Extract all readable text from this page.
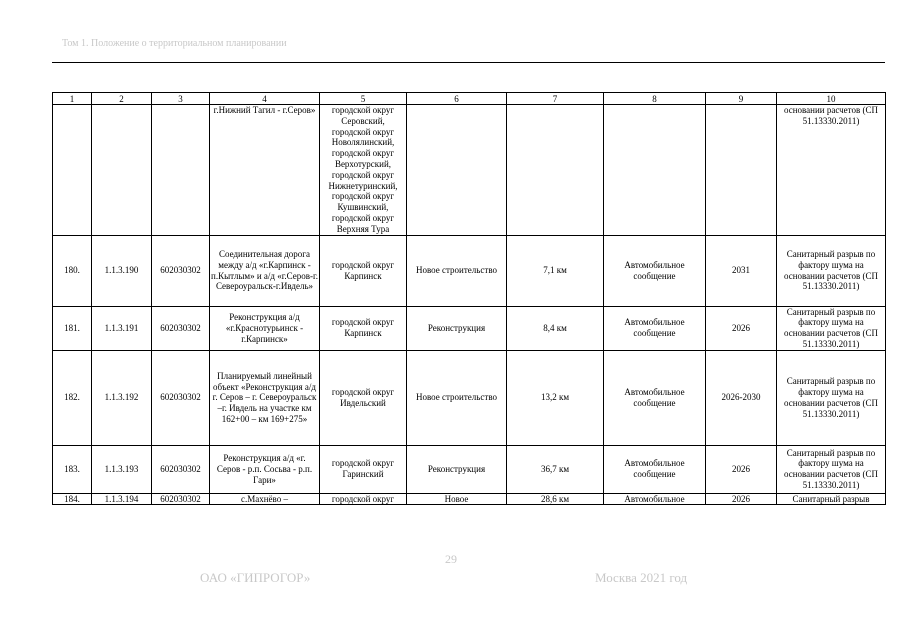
Том 1. Положение о территориальном планировании
1	2	3	4	5	6	7	8	9	10
			г.Нижний Тагил - г.Серов»	городской округ Серовский, городской округ Новолялинский, городской округ Верхотурский, городской округ Нижнетуринский, городской округ Кушвинский, городской округ Верхняя Тура					основании расчетов (СП 51.13330.2011)
180.	1.1.3.190	602030302	Соединительная дорога между а/д «г.Карпинск - п.Кытлым» и а/д «г.Серов-г. Североуральск-г.Ивдель»	городской округ Карпинск	Новое строительство	7,1 км	Автомобильное сообщение	2031	Санитарный разрыв по фактору шума на основании расчетов (СП 51.13330.2011)
181.	1.1.3.191	602030302	Реконструкция а/д «г.Краснотурьинск - г.Карпинск»	городской округ Карпинск	Реконструкция	8,4 км	Автомобильное сообщение	2026	Санитарный разрыв по фактору шума на основании расчетов (СП 51.13330.2011)
182.	1.1.3.192	602030302	Планируемый линейный объект «Реконструкция а/д г. Серов – г. Североуральск –г. Ивдель на участке км 162+00 – км 169+275»	городской округ Ивдельский	Новое строительство	13,2 км	Автомобильное сообщение	2026-2030	Санитарный разрыв по фактору шума на основании расчетов (СП 51.13330.2011)
183.	1.1.3.193	602030302	Реконструкция а/д «г. Серов - р.п. Сосьва - р.п. Гари»	городской округ Гаринский	Реконструкция	36,7 км	Автомобильное сообщение	2026	Санитарный разрыв по фактору шума на основании расчетов (СП 51.13330.2011)
184.	1.1.3.194	602030302	с.Махнёво –	городской округ	Новое	28,6 км	Автомобильное	2026	Санитарный разрыв
29
ОАО «ГИПРОГОР»	Москва 2021 год
